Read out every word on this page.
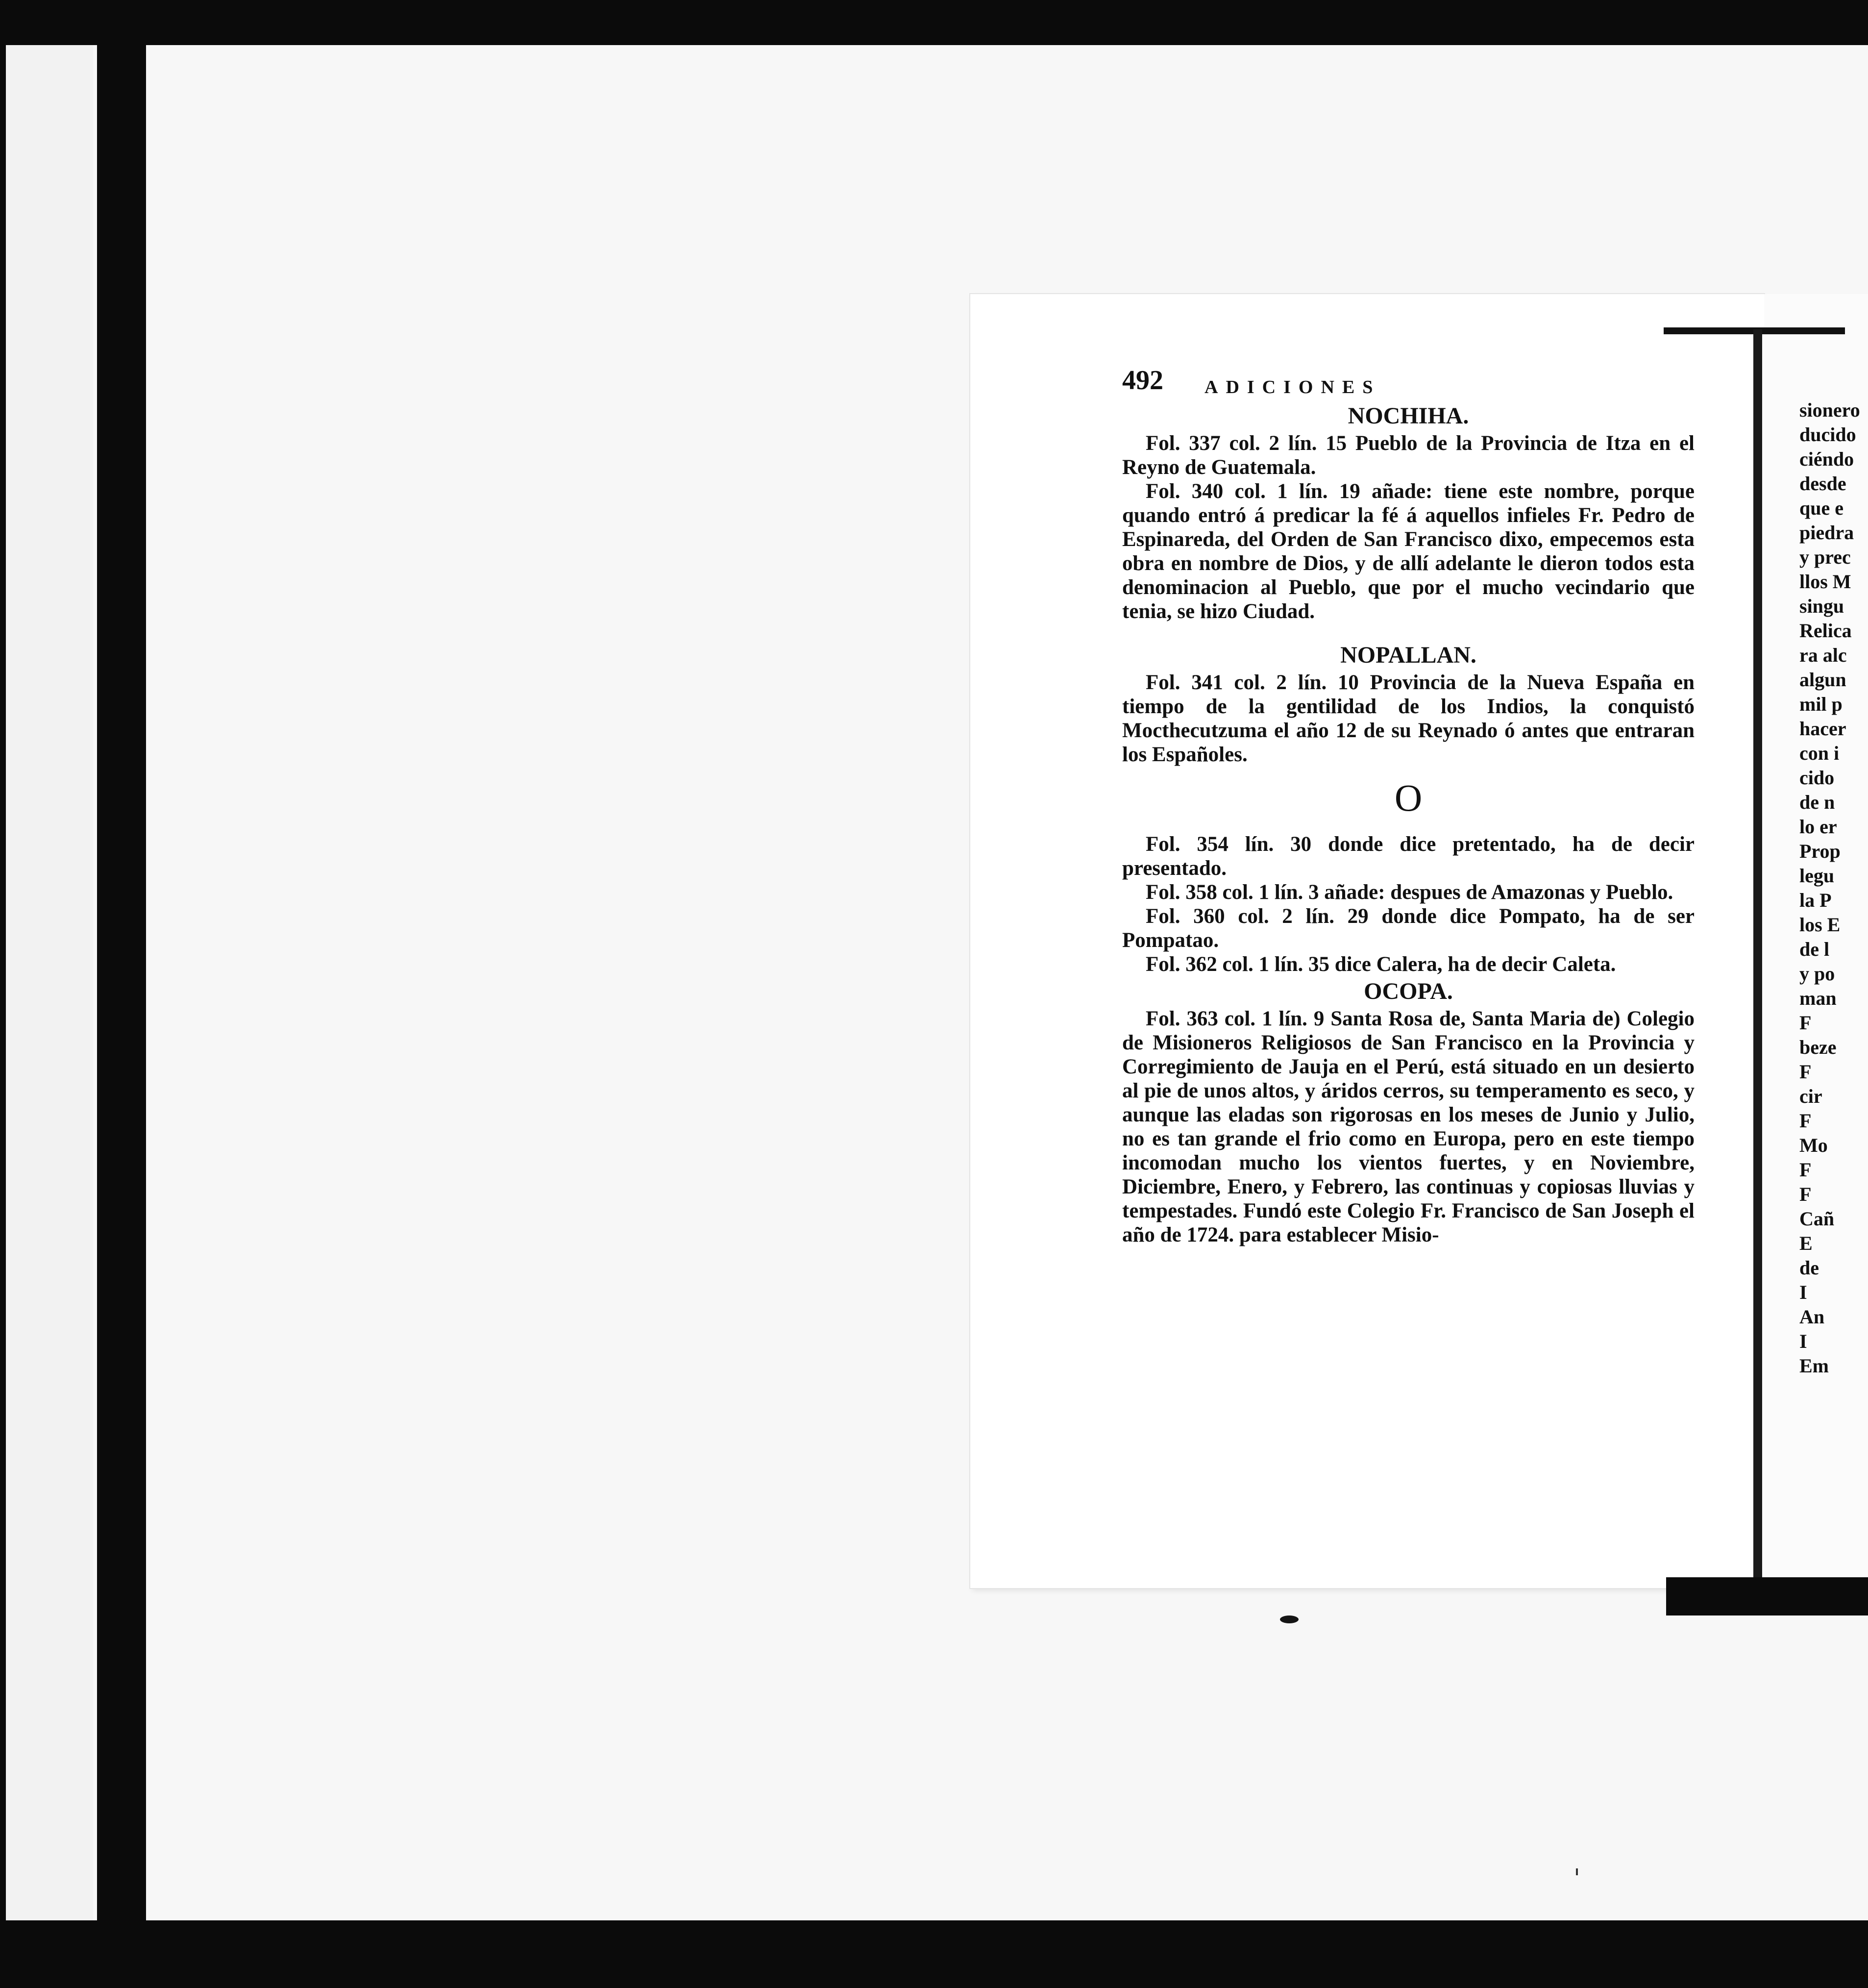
492 ADICIONES
NOCHIHA.

Fol. 337 col. 2 lín. 15 Pueblo de la Provincia de Itza en el Reyno de Guatemala.

Fol. 340 col. 1 lín. 19 añade: tiene este nombre, porque quando entró á predicar la fé á aquellos infieles Fr. Pedro de Espinareda, del Orden de San Francisco dixo, empecemos esta obra en nombre de Dios, y de allí adelante le dieron todos esta denominacion al Pueblo, que por el mucho vecindario que tenia, se hizo Ciudad.

NOPALLAN.

Fol. 341 col. 2 lín. 10 Provincia de la Nueva España en tiempo de la gentilidad de los Indios, la conquistó Mocthecutzuma el año 12 de su Reynado ó antes que entraran los Españoles.

O

Fol. 354 lín. 30 donde dice pretentado, ha de decir presentado.

Fol. 358 col. 1 lín. 3 añade: despues de Amazonas y Pueblo.

Fol. 360 col. 2 lín. 29 donde dice Pompato, ha de ser Pompatao.

Fol. 362 col. 1 lín. 35 dice Calera, ha de decir Caleta.

OCOPA.

Fol. 363 col. 1 lín. 9 Santa Rosa de, Santa Maria de) Colegio de Misioneros Religiosos de San Francisco en la Provincia y Corregimiento de Jauja en el Perú, está situado en un desierto al pie de unos altos, y áridos cerros, su temperamento es seco, y aunque las eladas son rigorosas en los meses de Junio y Julio, no es tan grande el frio como en Europa, pero en este tiempo incomodan mucho los vientos fuertes, y en Noviembre, Diciembre, Enero, y Febrero, las continuas y copiosas lluvias y tempestades. Fundó este Colegio Fr. Francisco de San Joseph el año de 1724. para establecer Misio-

sionero
ducido
ciéndo
desde
que e
piedra
y prec
llos M
singu
Relica
ra alc
algun
mil p
hacer
con i
cido
de n
lo er
Prop
legu
la P
los E
de l
y po
man
F
beze
F
cir
F
Mo
F
F
Cañ
E
de
I
An
I
Em
